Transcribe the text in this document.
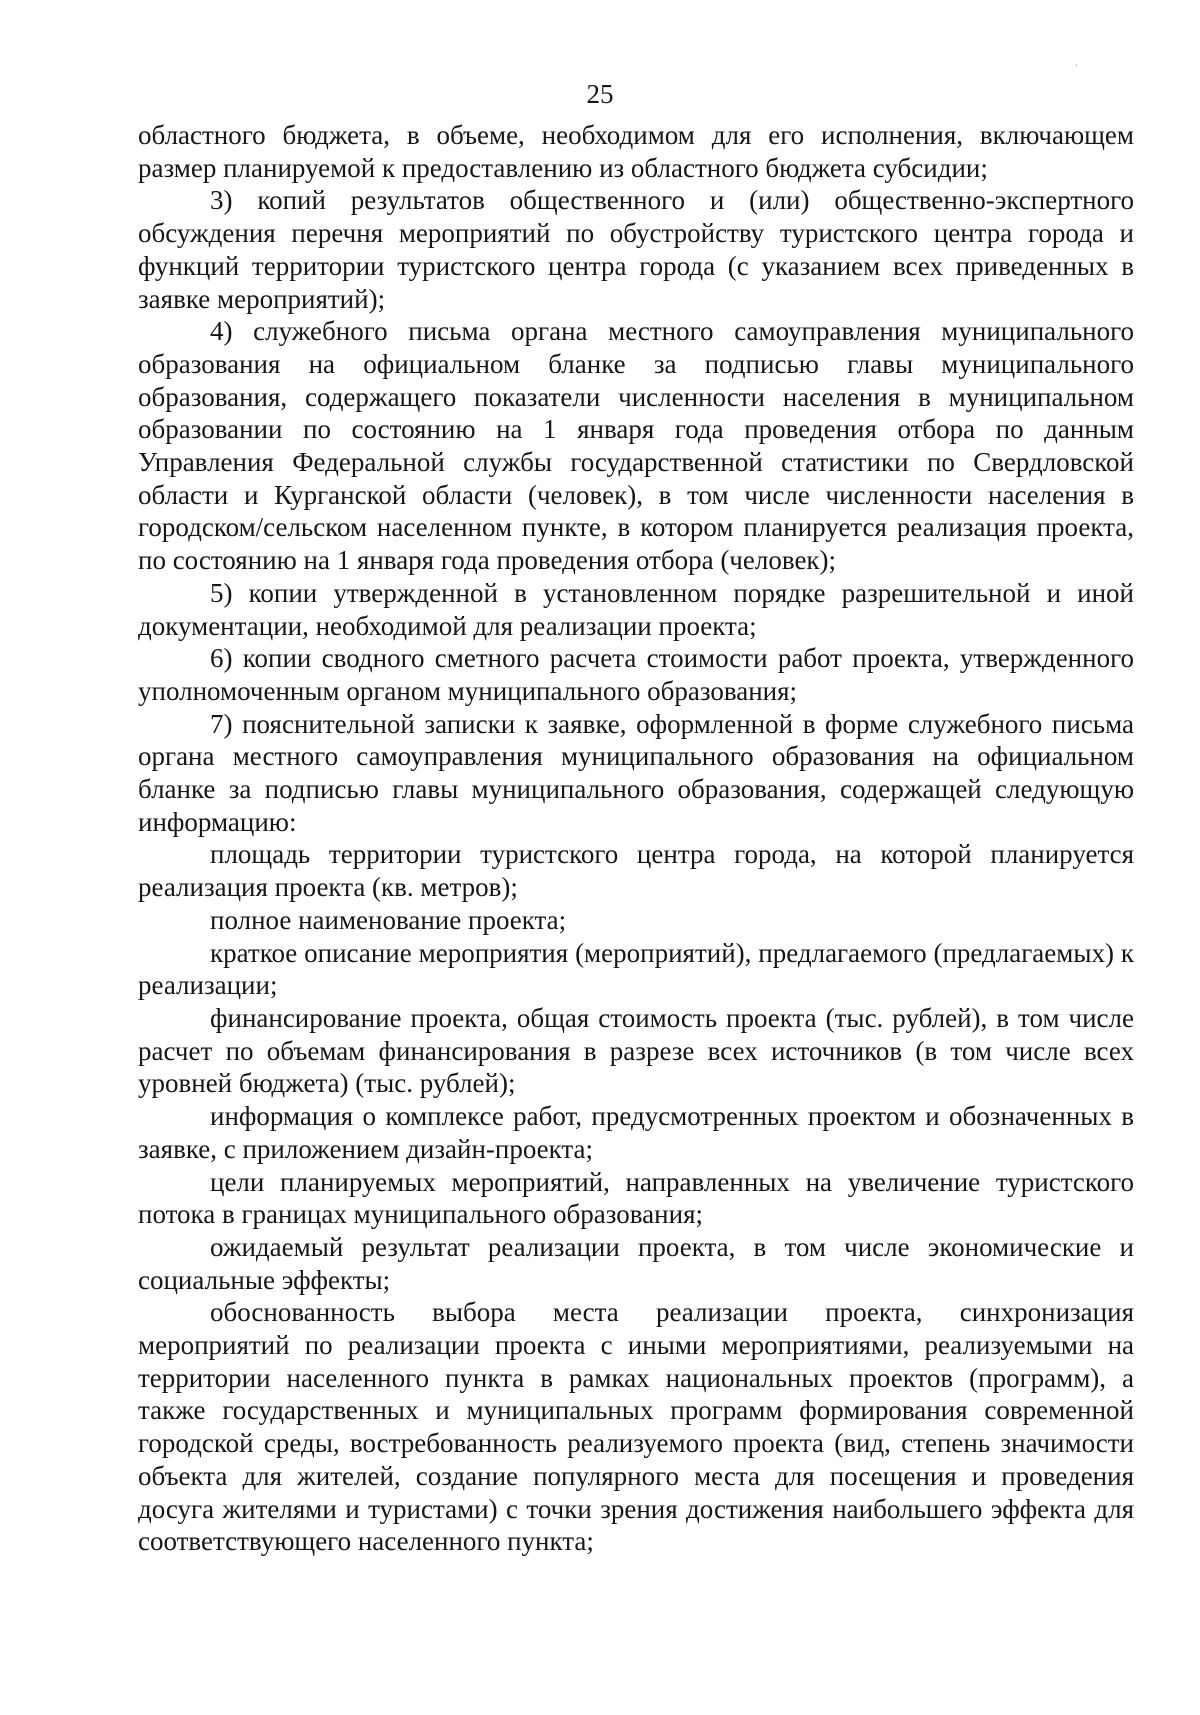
25

областного бюджета, в объеме, необходимом для его исполнения, включающем размер планируемой к предоставлению из областного бюджета субсидии;

3) копий результатов общественного и (или) общественно-экспертного обсуждения перечня мероприятий по обустройству туристского центра города и функций территории туристского центра города (с указанием всех приведенных в заявке мероприятий);

4) служебного письма органа местного самоуправления муниципального образования на официальном бланке за подписью главы муниципального образования, содержащего показатели численности населения в муниципальном образовании по состоянию на 1 января года проведения отбора по данным Управления Федеральной службы государственной статистики по Свердловской области и Курганской области (человек), в том числе численности населения в городском/сельском населенном пункте, в котором планируется реализация проекта, по состоянию на 1 января года проведения отбора (человек);

5) копии утвержденной в установленном порядке разрешительной и иной документации, необходимой для реализации проекта;

6) копии сводного сметного расчета стоимости работ проекта, утвержденного уполномоченным органом муниципального образования;

7) пояснительной записки к заявке, оформленной в форме служебного письма органа местного самоуправления муниципального образования на официальном бланке за подписью главы муниципального образования, содержащей следующую информацию:

площадь территории туристского центра города, на которой планируется реализация проекта (кв. метров);

полное наименование проекта;

краткое описание мероприятия (мероприятий), предлагаемого (предлагаемых) к реализации;

финансирование проекта, общая стоимость проекта (тыс. рублей), в том числе расчет по объемам финансирования в разрезе всех источников (в том числе всех уровней бюджета) (тыс. рублей);

информация о комплексе работ, предусмотренных проектом и обозначенных в заявке, с приложением дизайн-проекта;

цели планируемых мероприятий, направленных на увеличение туристского потока в границах муниципального образования;

ожидаемый результат реализации проекта, в том числе экономические и социальные эффекты;

обоснованность выбора места реализации проекта, синхронизация мероприятий по реализации проекта с иными мероприятиями, реализуемыми на территории населенного пункта в рамках национальных проектов (программ), а также государственных и муниципальных программ формирования современной городской среды, востребованность реализуемого проекта (вид, степень значимости объекта для жителей, создание популярного места для посещения и проведения досуга жителями и туристами) с точки зрения достижения наибольшего эффекта для соответствующего населенного пункта;
